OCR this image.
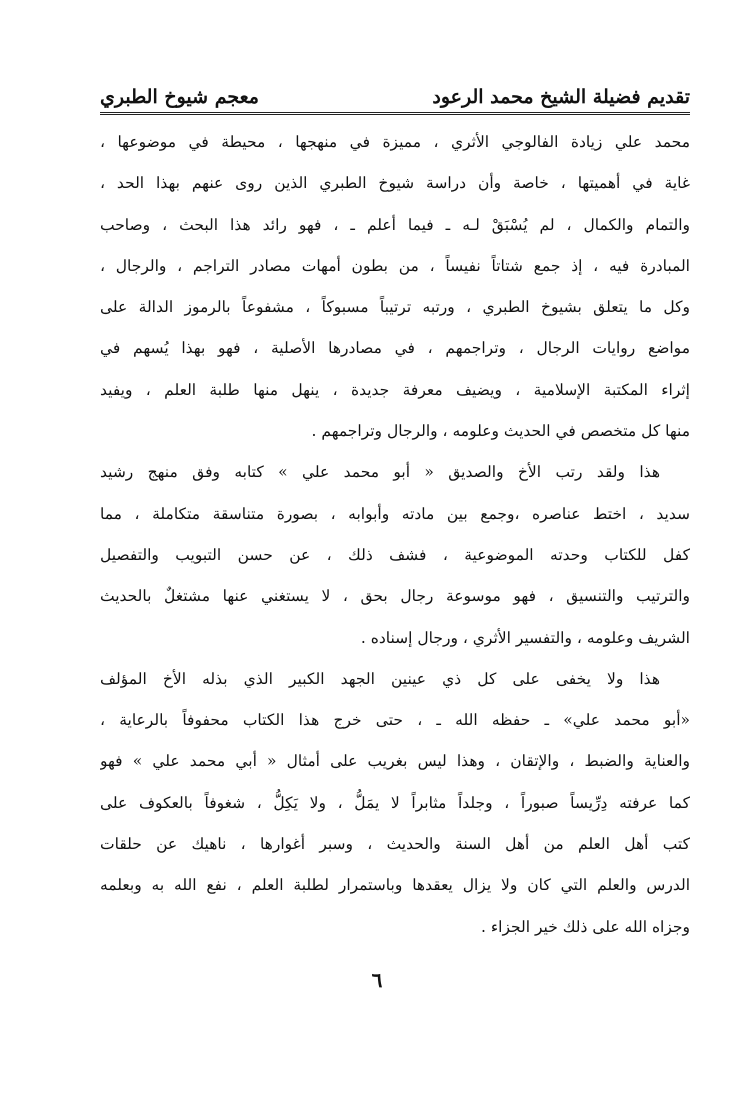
تقديم فضيلة الشيخ محمد الرعود
معجم شيوخ الطبري
محمد علي زيادة الفالوجي الأثري ، مميزة في منهجها ، محيطة في موضوعها ،
غاية في أهميتها ، خاصة وأن دراسة شيوخ الطبري الذين روى عنهم بهذا الحد ،
والتمام والكمال ، لم يُسْبَقْ لـه ـ فيما أعلم ـ ، فهو رائد هذا البحث ، وصاحب
المبادرة فيه ، إذ جمع شتاتاً نفيساً ، من بطون أمهات مصادر التراجم ، والرجال ،
وكل ما يتعلق بشيوخ الطبري ، ورتبه ترتيباً مسبوكاً ، مشفوعاً بالرموز الدالة على
مواضع روايات الرجال ، وتراجمهم ، في مصادرها الأصلية ، فهو بهذا يُسهم في
إثراء المكتبة الإسلامية ، ويضيف معرفة جديدة ، ينهل منها طلبة العلم ، ويفيد
منها كل متخصص في الحديث وعلومه ، والرجال وتراجمهم .
هذا ولقد رتب الأخ والصديق « أبو محمد علي » كتابه وفق منهج رشيد
سديد ، اختط عناصره ،وجمع بين مادته وأبوابه ، بصورة متناسقة متكاملة ، مما
كفل للكتاب وحدته الموضوعية ، فشف ذلك ، عن حسن التبويب والتفصيل
والترتيب والتنسيق ، فهو موسوعة رجال بحق ، لا يستغني عنها مشتغلٌ بالحديث
الشريف وعلومه ، والتفسير الأثري ، ورجال إسناده .
هذا ولا يخفى على كل ذي عينين الجهد الكبير الذي بذله الأخ المؤلف
«أبو محمد علي» ـ حفظه الله ـ ، حتى خرج هذا الكتاب محفوفاً بالرعاية ،
والعناية والضبط ، والإتقان ، وهذا ليس بغريب على أمثال « أبي محمد علي » فهو
كما عرفته دِرِّيساً صبوراً ، وجلداً مثابراً لا يمَلُّ ، ولا يَكِلُّ ، شغوفاً بالعكوف على
كتب أهل العلم من أهل السنة والحديث ، وسبر أغوارها ، ناهيك عن حلقات
الدرس والعلم التي كان ولا يزال يعقدها وباستمرار لطلبة العلم ، نفع الله به وبعلمه
وجزاه الله على ذلك خير الجزاء .
٦
